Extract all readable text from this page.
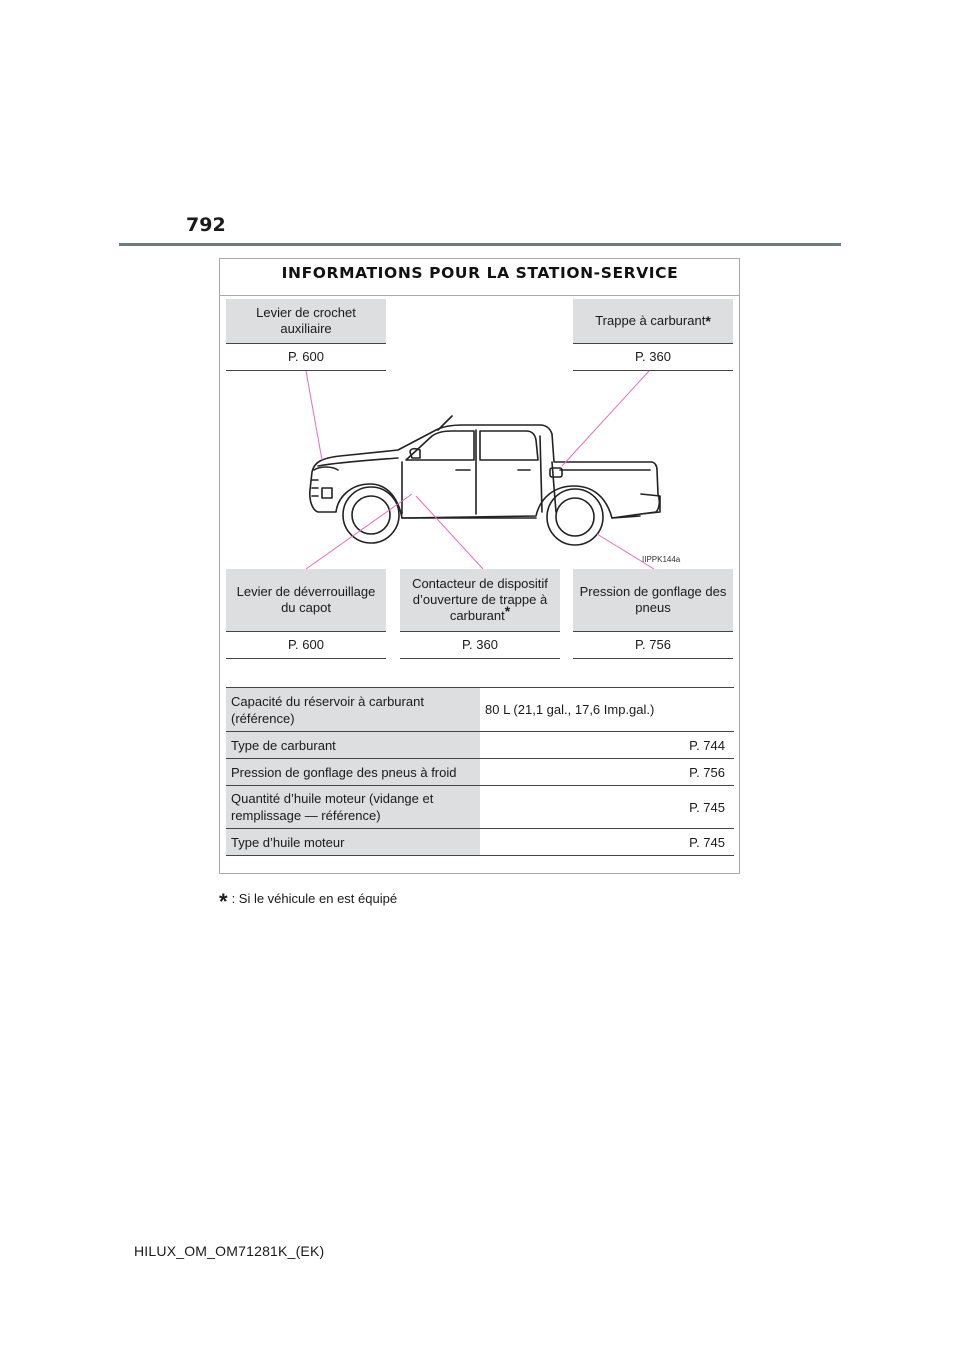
792
INFORMATIONS POUR LA STATION-SERVICE
Levier de crochet auxiliaire
P. 600
Trappe à carburant *
P. 360
IIPPK144a
Levier de déverrouillage du capot
P. 600
Contacteur de dispositif d’ouverture de trappe à carburant*
P. 360
Pression de gonflage des pneus
P. 756
Capacité du réservoir à carburant (référence)	80 L (21,1 gal., 17,6 Imp.gal.)
Type de carburant	P. 744
Pression de gonflage des pneus à froid	P. 756
Quantité d’huile moteur (vidange et remplissage — référence)	P. 745
Type d’huile moteur	P. 745
* : Si le véhicule en est équipé
HILUX_OM_OM71281K_(EK)
